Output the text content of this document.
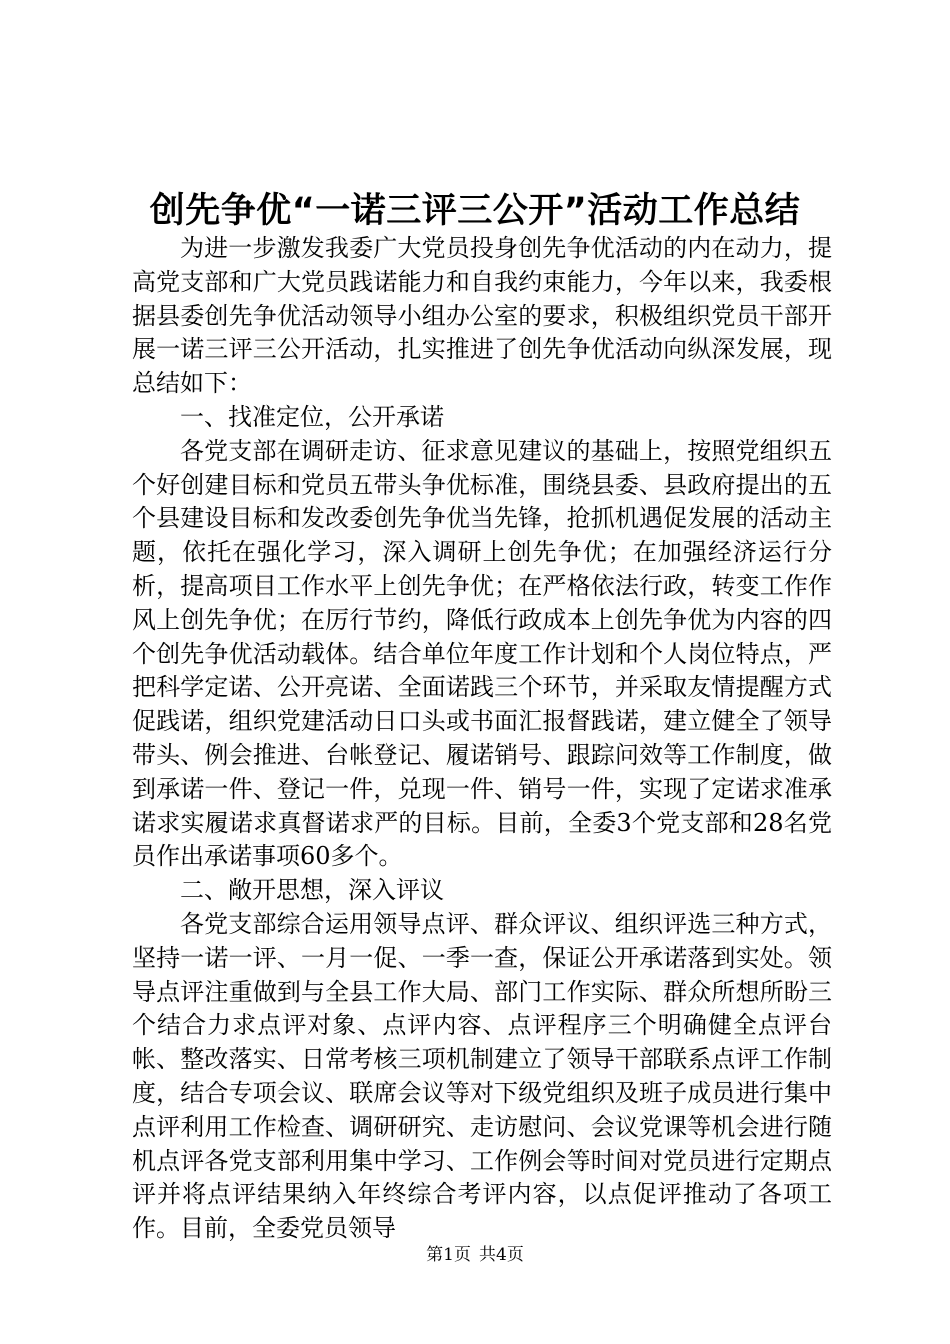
创先争优“一诺三评三公开”活动工作总结

为进一步激发我委广大党员投身创先争优活动的内在动力，提高党支部和广大党员践诺能力和自我约束能力，今年以来，我委根据县委创先争优活动领导小组办公室的要求，积极组织党员干部开展一诺三评三公开活动，扎实推进了创先争优活动向纵深发展，现总结如下：

一、找准定位，公开承诺

各党支部在调研走访、征求意见建议的基础上，按照党组织五个好创建目标和党员五带头争优标准，围绕县委、县政府提出的五个县建设目标和发改委创先争优当先锋，抢抓机遇促发展的活动主题，依托在强化学习，深入调研上创先争优；在加强经济运行分析，提高项目工作水平上创先争优；在严格依法行政，转变工作作风上创先争优；在厉行节约，降低行政成本上创先争优为内容的四个创先争优活动载体。结合单位年度工作计划和个人岗位特点，严把科学定诺、公开亮诺、全面诺践三个环节，并采取友情提醒方式促践诺，组织党建活动日口头或书面汇报督践诺，建立健全了领导带头、例会推进、台帐登记、履诺销号、跟踪问效等工作制度，做到承诺一件、登记一件，兑现一件、销号一件，实现了定诺求准承诺求实履诺求真督诺求严的目标。目前，全委3个党支部和28名党员作出承诺事项60多个。

二、敞开思想，深入评议

各党支部综合运用领导点评、群众评议、组织评选三种方式，坚持一诺一评、一月一促、一季一查，保证公开承诺落到实处。领导点评注重做到与全县工作大局、部门工作实际、群众所想所盼三个结合力求点评对象、点评内容、点评程序三个明确健全点评台帐、整改落实、日常考核三项机制建立了领导干部联系点评工作制度，结合专项会议、联席会议等对下级党组织及班子成员进行集中点评利用工作检查、调研研究、走访慰问、会议党课等机会进行随机点评各党支部利用集中学习、工作例会等时间对党员进行定期点评并将点评结果纳入年终综合考评内容，以点促评推动了各项工作。目前，全委党员领导

第1页 共4页
